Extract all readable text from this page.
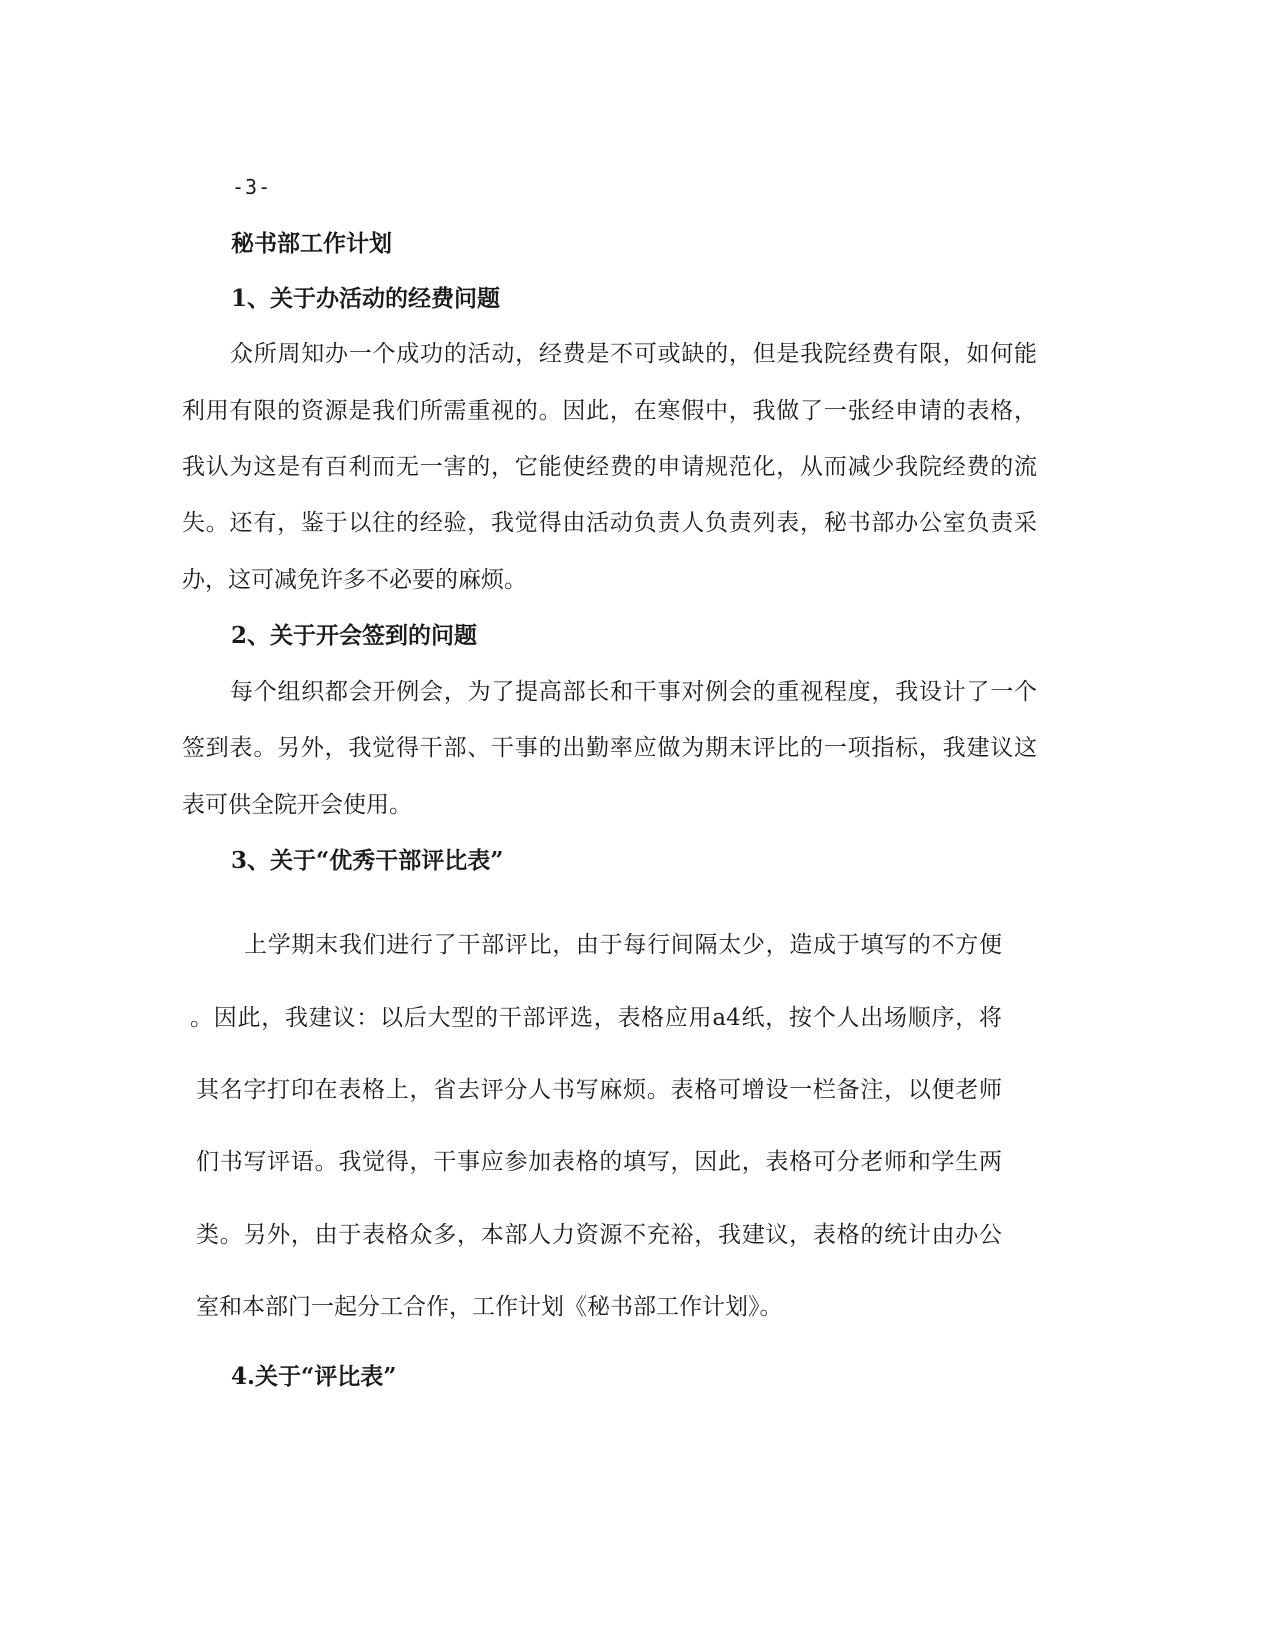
-3-
秘书部工作计划
1、关于办活动的经费问题
众所周知办一个成功的活动，经费是不可或缺的，但是我院经费有限，如何能
利用有限的资源是我们所需重视的。因此，在寒假中，我做了一张经申请的表格，
我认为这是有百利而无一害的，它能使经费的申请规范化，从而减少我院经费的流
失。还有，鉴于以往的经验，我觉得由活动负责人负责列表，秘书部办公室负责采
办，这可减免许多不必要的麻烦。
2、关于开会签到的问题
每个组织都会开例会，为了提高部长和干事对例会的重视程度，我设计了一个
签到表。另外，我觉得干部、干事的出勤率应做为期末评比的一项指标，我建议这
表可供全院开会使用。
3、关于“优秀干部评比表”
上学期末我们进行了干部评比，由于每行间隔太少，造成于填写的不方便
。因此，我建议：以后大型的干部评选，表格应用a4纸，按个人出场顺序，将
其名字打印在表格上，省去评分人书写麻烦。表格可增设一栏备注，以便老师
们书写评语。我觉得，干事应参加表格的填写，因此，表格可分老师和学生两
类。另外，由于表格众多，本部人力资源不充裕，我建议，表格的统计由办公
室和本部门一起分工合作，工作计划《秘书部工作计划》。
4.关于“评比表”
